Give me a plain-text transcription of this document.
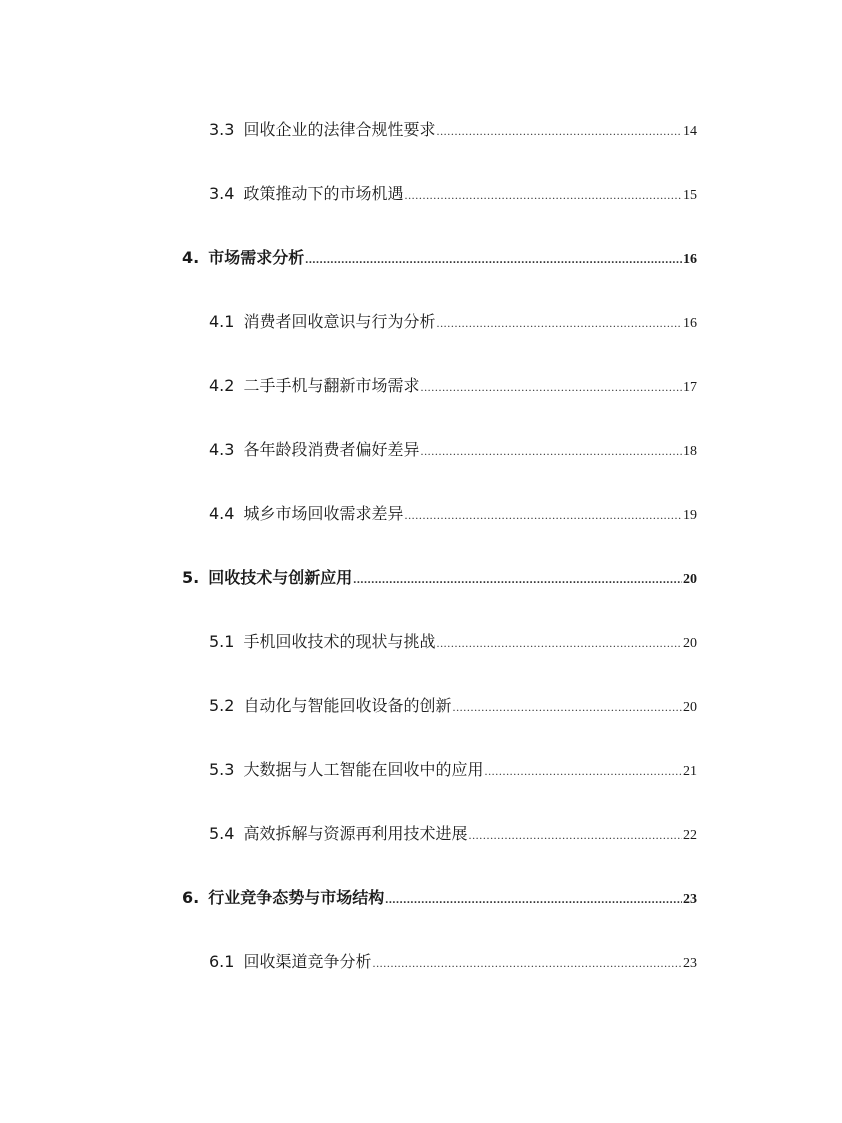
3.3 回收企业的法律合规性要求 .....	14
3.4 政策推动下的市场机遇 .....	15
4. 市场需求分析 .....	16
4.1 消费者回收意识与行为分析 .....	16
4.2 二手手机与翻新市场需求 .....	17
4.3 各年龄段消费者偏好差异 .....	18
4.4 城乡市场回收需求差异 .....	19
5. 回收技术与创新应用 .....	20
5.1 手机回收技术的现状与挑战 .....	20
5.2 自动化与智能回收设备的创新 .....	20
5.3 大数据与人工智能在回收中的应用 .....	21
5.4 高效拆解与资源再利用技术进展 .....	22
6. 行业竞争态势与市场结构 .....	23
6.1 回收渠道竞争分析 .....	23
